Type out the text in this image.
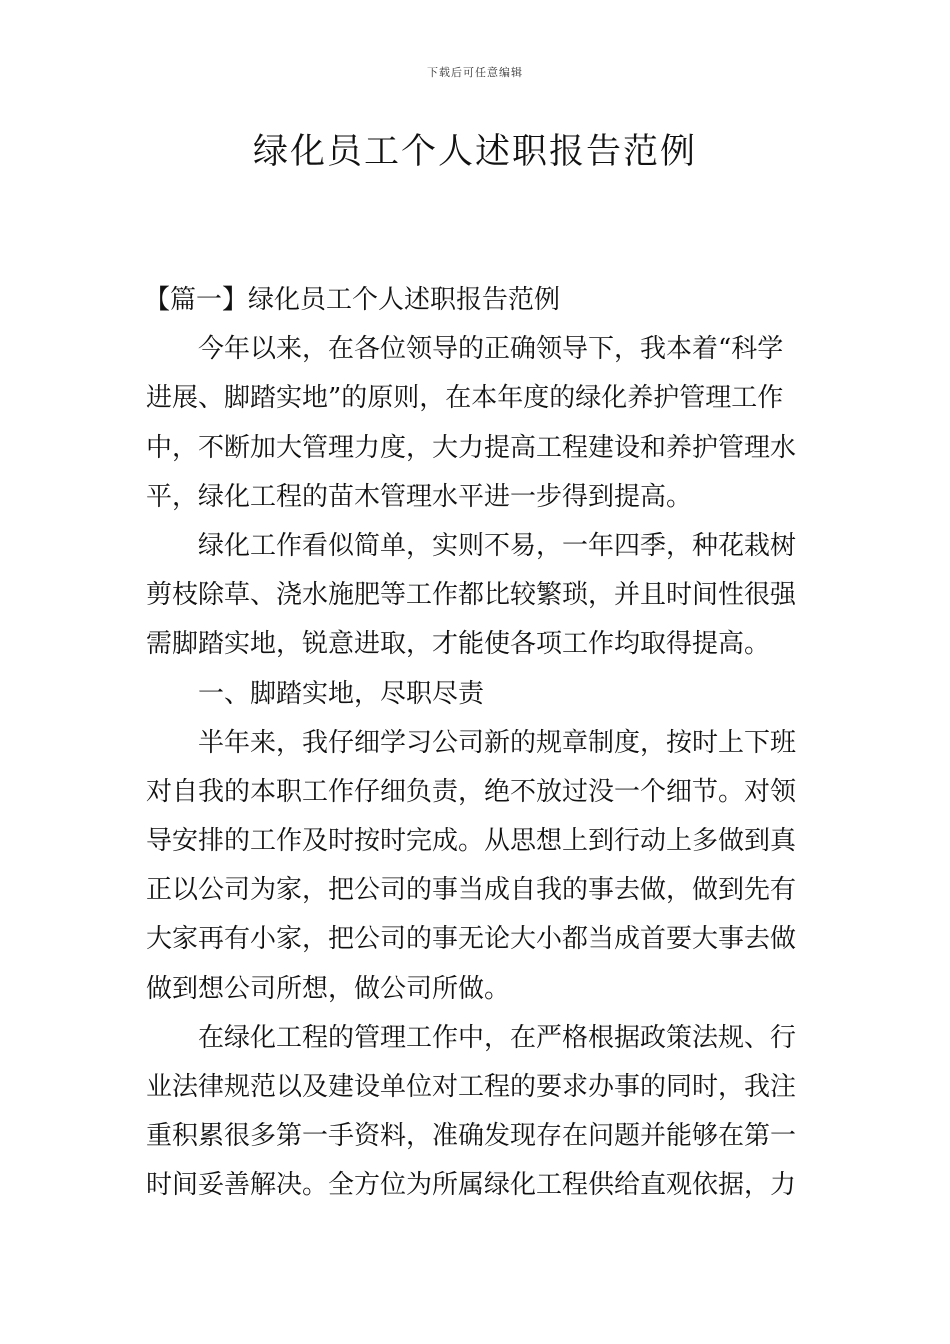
下载后可任意编辑
绿化员工个人述职报告范例
【篇一】绿化员工个人述职报告范例
今年以来，在各位领导的正确领导下，我本着“科学
进展、脚踏实地”的原则，在本年度的绿化养护管理工作
中，不断加大管理力度，大力提高工程建设和养护管理水
平，绿化工程的苗木管理水平进一步得到提高。
绿化工作看似简单，实则不易，一年四季，种花栽树
剪枝除草、浇水施肥等工作都比较繁琐，并且时间性很强
需脚踏实地，锐意进取，才能使各项工作均取得提高。
一、脚踏实地，尽职尽责
半年来，我仔细学习公司新的规章制度，按时上下班
对自我的本职工作仔细负责，绝不放过没一个细节。对领
导安排的工作及时按时完成。从思想上到行动上多做到真
正以公司为家，把公司的事当成自我的事去做，做到先有
大家再有小家，把公司的事无论大小都当成首要大事去做
做到想公司所想，做公司所做。
在绿化工程的管理工作中，在严格根据政策法规、行
业法律规范以及建设单位对工程的要求办事的同时，我注
重积累很多第一手资料，准确发现存在问题并能够在第一
时间妥善解决。全方位为所属绿化工程供给直观依据，力
